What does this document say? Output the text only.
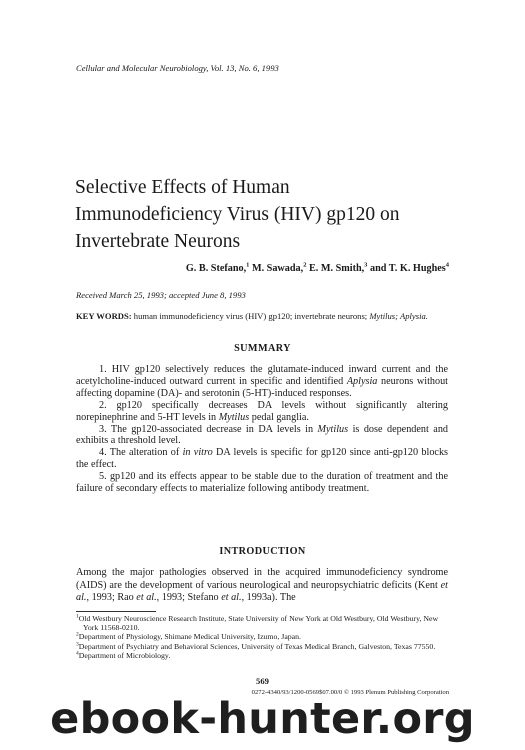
Cellular and Molecular Neurobiology, Vol. 13, No. 6, 1993
Selective Effects of Human
Immunodeficiency Virus (HIV) gp120 on
Invertebrate Neurons
G. B. Stefano,$^1$ M. Sawada,$^2$ E. M. Smith,$^3$ and T. K. Hughes$^4$
Received March 25, 1993; accepted June 8, 1993
KEY WORDS: human immunodeficiency virus (HIV) gp120; invertebrate neurons; Mytilus; Aplysia.
SUMMARY

1. HIV gp120 selectively reduces the glutamate-induced inward current and the acetylcholine-induced outward current in specific and identified Aplysia neurons without affecting dopamine (DA)- and serotonin (5-HT)-induced responses.

2. gp120 specifically decreases DA levels without significantly altering norepinephrine and 5-HT levels in Mytilus pedal ganglia.

3. The gp120-associated decrease in DA levels in Mytilus is dose dependent and exhibits a threshold level.

4. The alteration of in vitro DA levels is specific for gp120 since anti-gp120 blocks the effect.

5. gp120 and its effects appear to be stable due to the duration of treatment and the failure of secondary effects to materialize following antibody treatment.

INTRODUCTION

Among the major pathologies observed in the acquired immunodeficiency syndrome (AIDS) are the development of various neurological and neuropsychiatric deficits (Kent et al., 1993; Rao et al., 1993; Stefano et al., 1993a). The

$^1$Old Westbury Neuroscience Research Institute, State University of New York at Old Westbury, Old Westbury, New York 11568-0210.
$^2$Department of Physiology, Shimane Medical University, Izumo, Japan.
$^3$Department of Psychiatry and Behavioral Sciences, University of Texas Medical Branch, Galveston, Texas 77550.
$^4$Department of Microbiology.
569
0272-4340/93/1200-0569$07.00/0 © 1993 Plenum Publishing Corporation
ebook-hunter.org
